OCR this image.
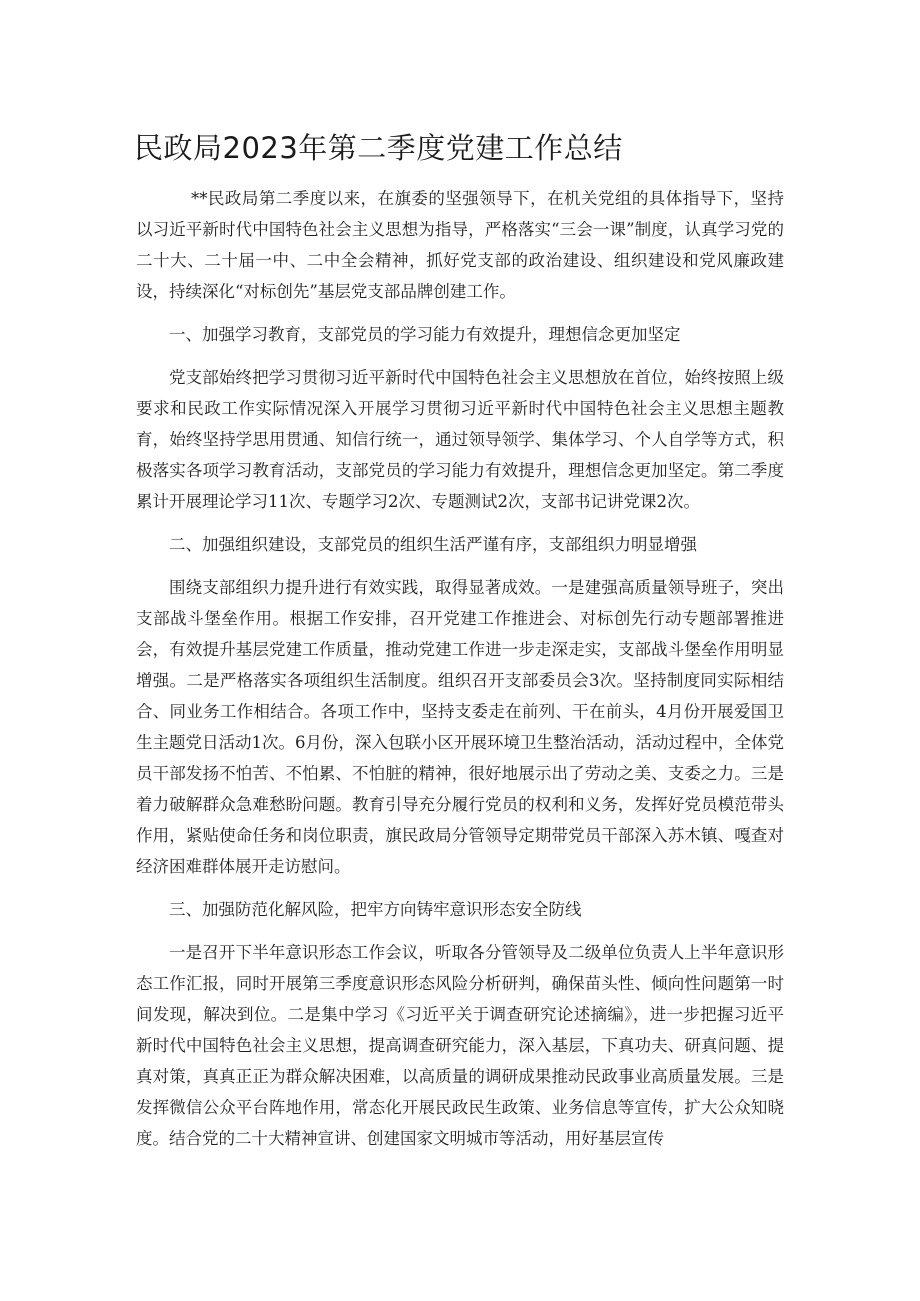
民政局2023年第二季度党建工作总结

**民政局第二季度以来，在旗委的坚强领导下，在机关党组的具体指导下，坚持以习近平新时代中国特色社会主义思想为指导，严格落实“三会一课”制度，认真学习党的二十大、二十届一中、二中全会精神，抓好党支部的政治建设、组织建设和党风廉政建设，持续深化“对标创先”基层党支部品牌创建工作。

一、加强学习教育，支部党员的学习能力有效提升，理想信念更加坚定

党支部始终把学习贯彻习近平新时代中国特色社会主义思想放在首位，始终按照上级要求和民政工作实际情况深入开展学习贯彻习近平新时代中国特色社会主义思想主题教育，始终坚持学思用贯通、知信行统一，通过领导领学、集体学习、个人自学等方式，积极落实各项学习教育活动，支部党员的学习能力有效提升，理想信念更加坚定。第二季度累计开展理论学习11次、专题学习2次、专题测试2次，支部书记讲党课2次。

二、加强组织建设，支部党员的组织生活严谨有序，支部组织力明显增强

围绕支部组织力提升进行有效实践，取得显著成效。一是建强高质量领导班子，突出支部战斗堡垒作用。根据工作安排，召开党建工作推进会、对标创先行动专题部署推进会，有效提升基层党建工作质量，推动党建工作进一步走深走实，支部战斗堡垒作用明显增强。二是严格落实各项组织生活制度。组织召开支部委员会3次。坚持制度同实际相结合、同业务工作相结合。各项工作中，坚持支委走在前列、干在前头，4月份开展爱国卫生主题党日活动1次。6月份，深入包联小区开展环境卫生整治活动，活动过程中，全体党员干部发扬不怕苦、不怕累、不怕脏的精神，很好地展示出了劳动之美、支委之力。三是着力破解群众急难愁盼问题。教育引导充分履行党员的权利和义务，发挥好党员模范带头作用，紧贴使命任务和岗位职责，旗民政局分管领导定期带党员干部深入苏木镇、嘎查对经济困难群体展开走访慰问。

三、加强防范化解风险，把牢方向铸牢意识形态安全防线

一是召开下半年意识形态工作会议，听取各分管领导及二级单位负责人上半年意识形态工作汇报，同时开展第三季度意识形态风险分析研判，确保苗头性、倾向性问题第一时间发现，解决到位。二是集中学习《习近平关于调查研究论述摘编》，进一步把握习近平新时代中国特色社会主义思想，提高调查研究能力，深入基层，下真功夫、研真问题、提真对策，真真正正为群众解决困难，以高质量的调研成果推动民政事业高质量发展。三是发挥微信公众平台阵地作用，常态化开展民政民生政策、业务信息等宣传，扩大公众知晓度。结合党的二十大精神宣讲、创建国家文明城市等活动，用好基层宣传
